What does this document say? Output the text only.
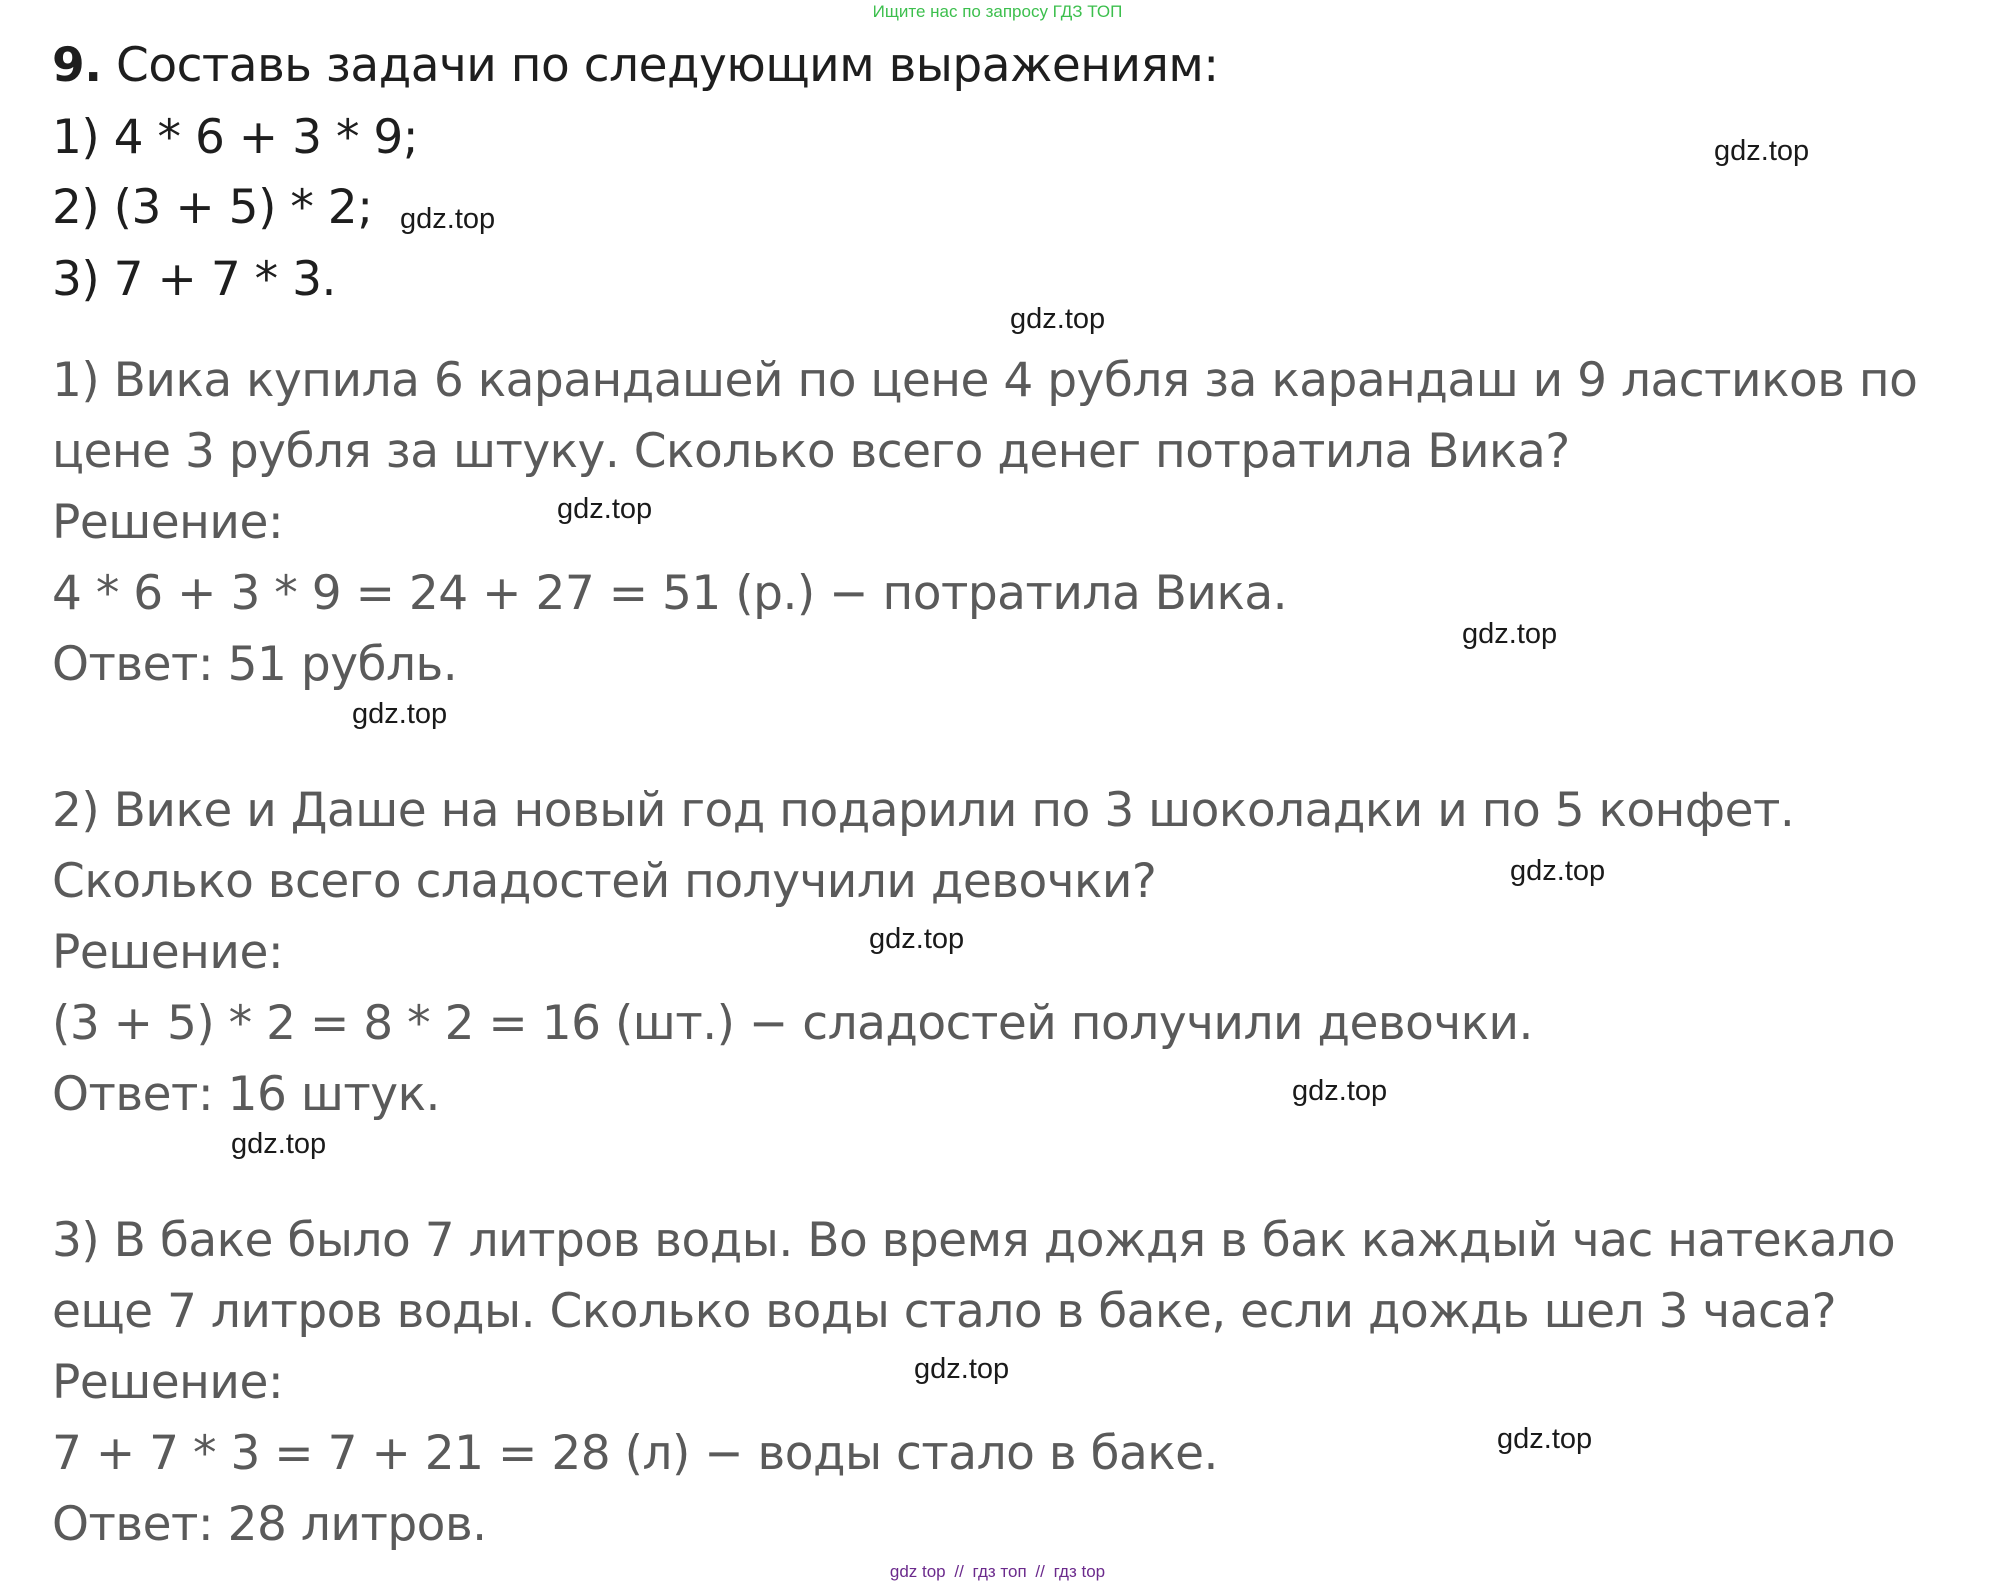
Ищите нас по запросу ГДЗ ТОП

9. Составь задачи по следующим выражениям:

1) 4 * 6 + 3 * 9;

2) (3 + 5) * 2;

3) 7 + 7 * 3.

1) Вика купила 6 карандашей по цене 4 рубля за карандаш и 9 ластиков по

цене 3 рубля за штуку. Сколько всего денег потратила Вика?

Решение:

4 * 6 + 3 * 9 = 24 + 27 = 51 (р.) − потратила Вика.

Ответ: 51 рубль.

2) Вике и Даше на новый год подарили по 3 шоколадки и по 5 конфет.

Сколько всего сладостей получили девочки?

Решение:

(3 + 5) * 2 = 8 * 2 = 16 (шт.) − сладостей получили девочки.

Ответ: 16 штук.

3) В баке было 7 литров воды. Во время дождя в бак каждый час натекало

еще 7 литров воды. Сколько воды стало в баке, если дождь шел 3 часа?

Решение:

7 + 7 * 3 = 7 + 21 = 28 (л) − воды стало в баке.

Ответ: 28 литров.

gdz.top

gdz.top

gdz.top

gdz.top

gdz.top

gdz.top

gdz.top

gdz.top

gdz.top

gdz.top

gdz.top

gdz.top

gdz top // гдз топ // гдз top
